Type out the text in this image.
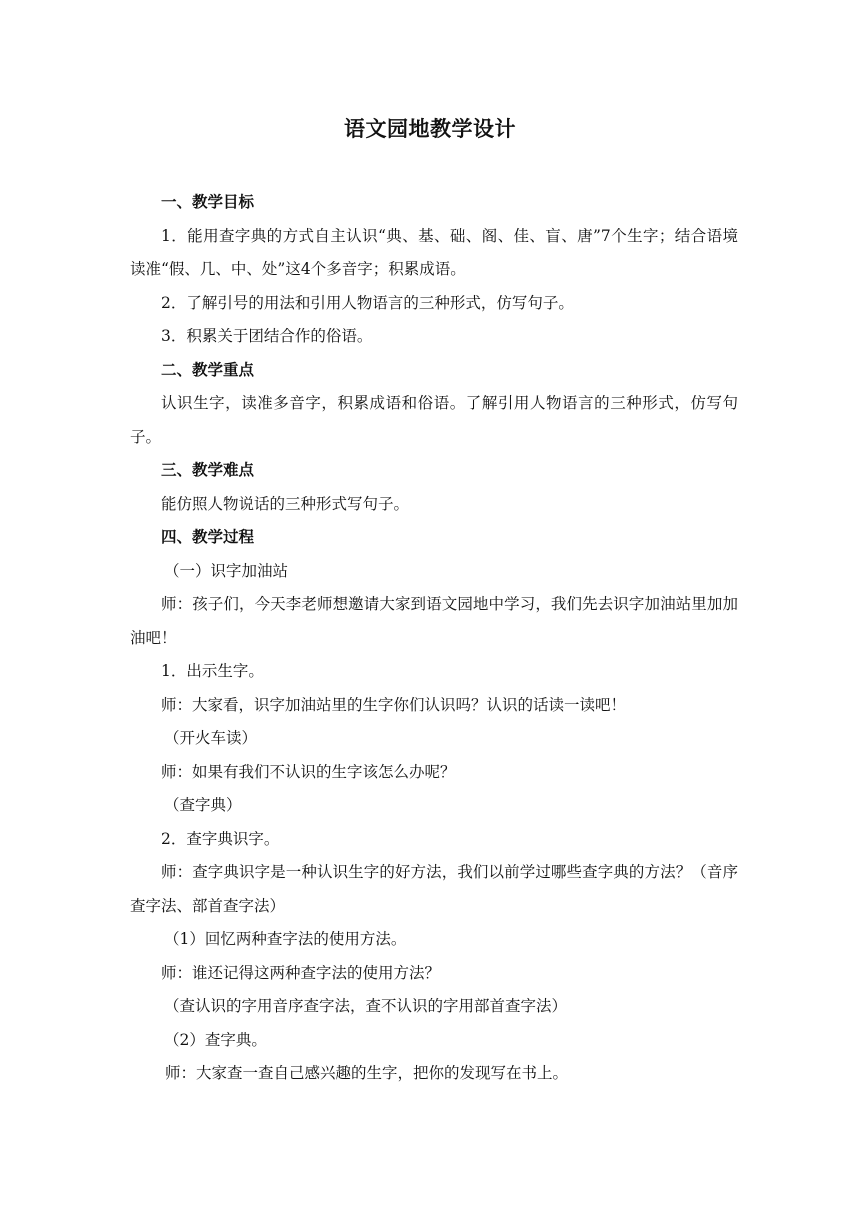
语文园地教学设计

一、教学目标

1．能用查字典的方式自主认识“典、基、础、阁、佳、盲、唐”7个生字；结合语境读准“假、几、中、处”这4个多音字；积累成语。

2．了解引号的用法和引用人物语言的三种形式，仿写句子。

3．积累关于团结合作的俗语。

二、教学重点

认识生字，读准多音字，积累成语和俗语。了解引用人物语言的三种形式，仿写句子。

三、教学难点

能仿照人物说话的三种形式写句子。

四、教学过程

（一）识字加油站

师：孩子们，今天李老师想邀请大家到语文园地中学习，我们先去识字加油站里加加油吧！

1．出示生字。

师：大家看，识字加油站里的生字你们认识吗？认识的话读一读吧！

（开火车读）

师：如果有我们不认识的生字该怎么办呢？

（查字典）

2．查字典识字。

师：查字典识字是一种认识生字的好方法，我们以前学过哪些查字典的方法？（音序查字法、部首查字法）

（1）回忆两种查字法的使用方法。

师：谁还记得这两种查字法的使用方法？

（查认识的字用音序查字法，查不认识的字用部首查字法）

（2）查字典。

师：大家查一查自己感兴趣的生字，把你的发现写在书上。
